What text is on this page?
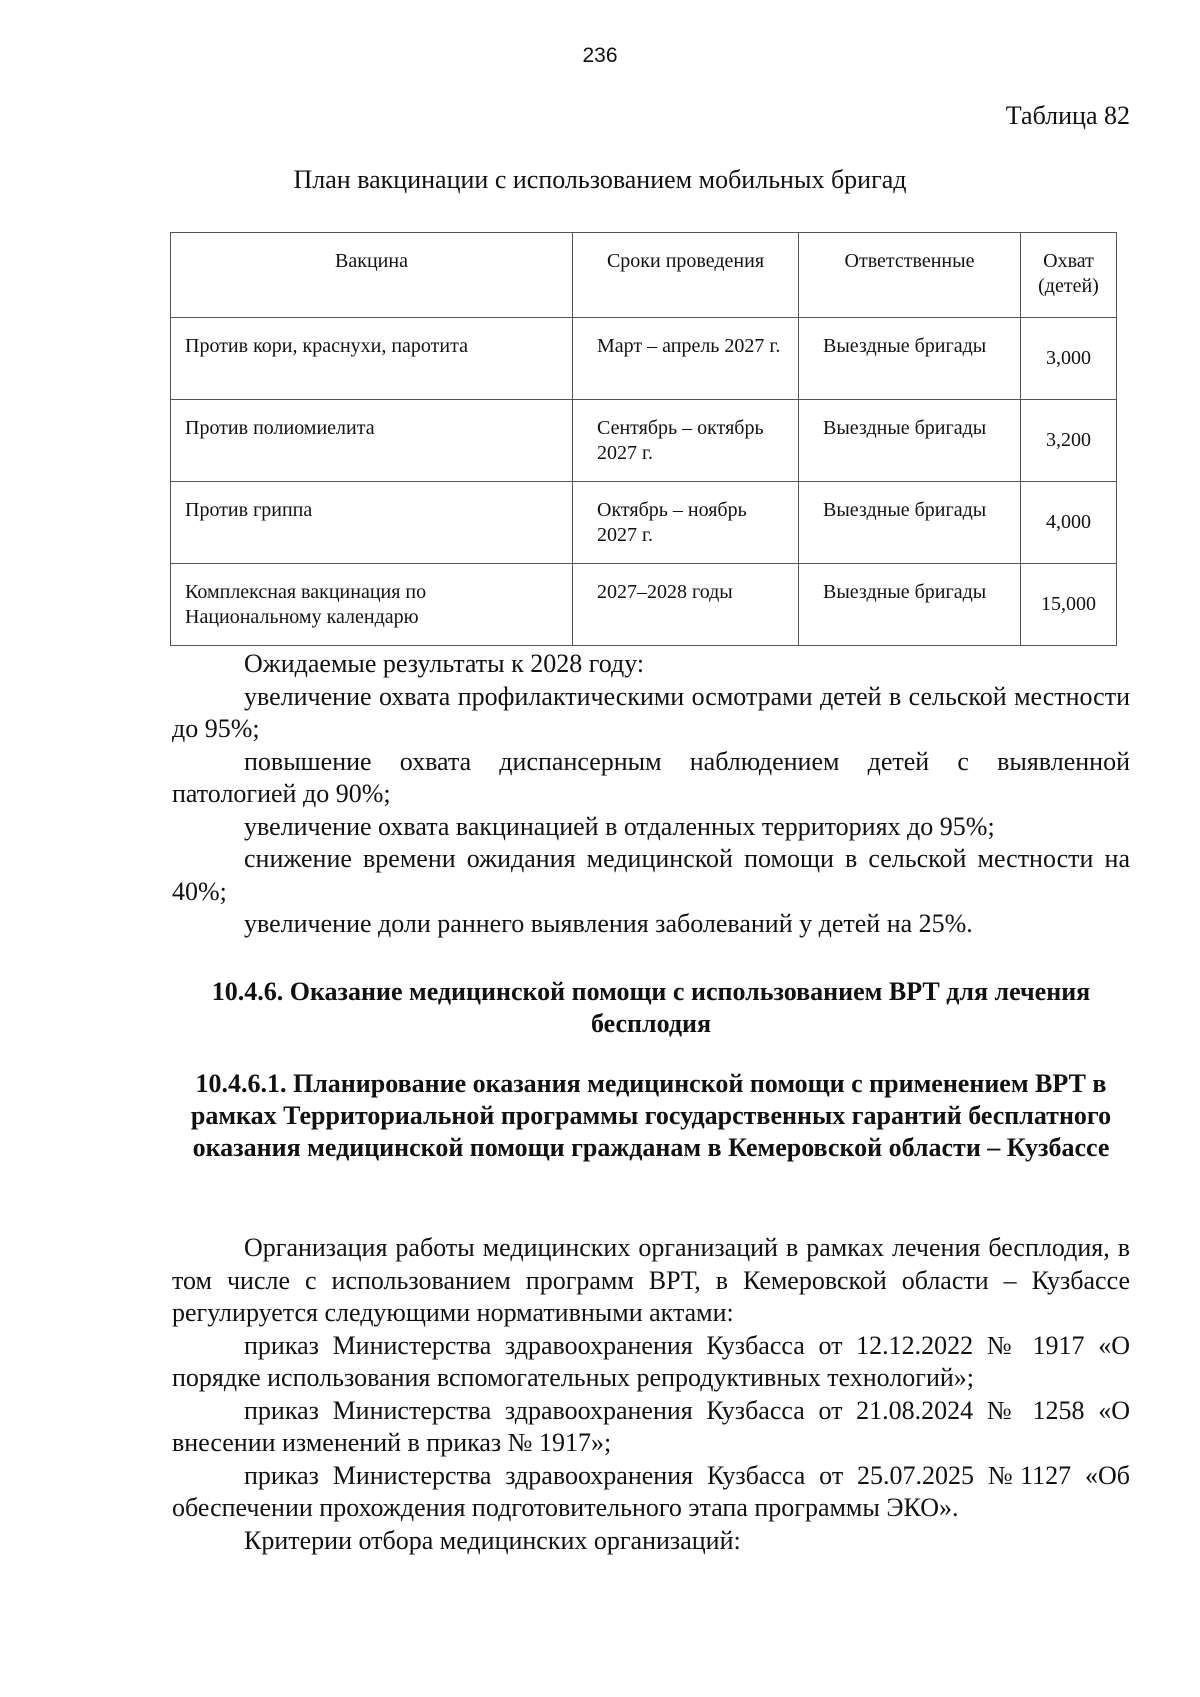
236
Таблица 82
План вакцинации с использованием мобильных бригад
Вакцина	Сроки проведения	Ответственные	Охват (детей)
Против кори, краснухи, паротита	Март – апрель 2027 г.	Выездные бригады	3,000
Против полиомиелита	Сентябрь – октябрь 2027 г.	Выездные бригады	3,200
Против гриппа	Октябрь – ноябрь 2027 г.	Выездные бригады	4,000
Комплексная вакцинация по Национальному календарю	2027–2028 годы	Выездные бригады	15,000

Ожидаемые результаты к 2028 году:

увеличение охвата профилактическими осмотрами детей в сельской местности до 95%;

повышение охвата диспансерным наблюдением детей с выявленной патологией до 90%;

увеличение охвата вакцинацией в отдаленных территориях до 95%;

снижение времени ожидания медицинской помощи в сельской местности на 40%;

увеличение доли раннего выявления заболеваний у детей на 25%.

10.4.6. Оказание медицинской помощи с использованием ВРТ для лечения бесплодия
10.4.6.1. Планирование оказания медицинской помощи с применением ВРТ в рамках Территориальной программы государственных гарантий бесплатного оказания медицинской помощи гражданам в Кемеровской области – Кузбассе

Организация работы медицинских организаций в рамках лечения бесплодия, в том числе с использованием программ ВРТ, в Кемеровской области – Кузбассе регулируется следующими нормативными актами:

приказ Министерства здравоохранения Кузбасса от 12.12.2022 № 1917 «О порядке использования вспомогательных репродуктивных технологий»;

приказ Министерства здравоохранения Кузбасса от 21.08.2024 № 1258 «О внесении изменений в приказ № 1917»;

приказ Министерства здравоохранения Кузбасса от 25.07.2025 №1127 «Об обеспечении прохождения подготовительного этапа программы ЭКО».

Критерии отбора медицинских организаций:
